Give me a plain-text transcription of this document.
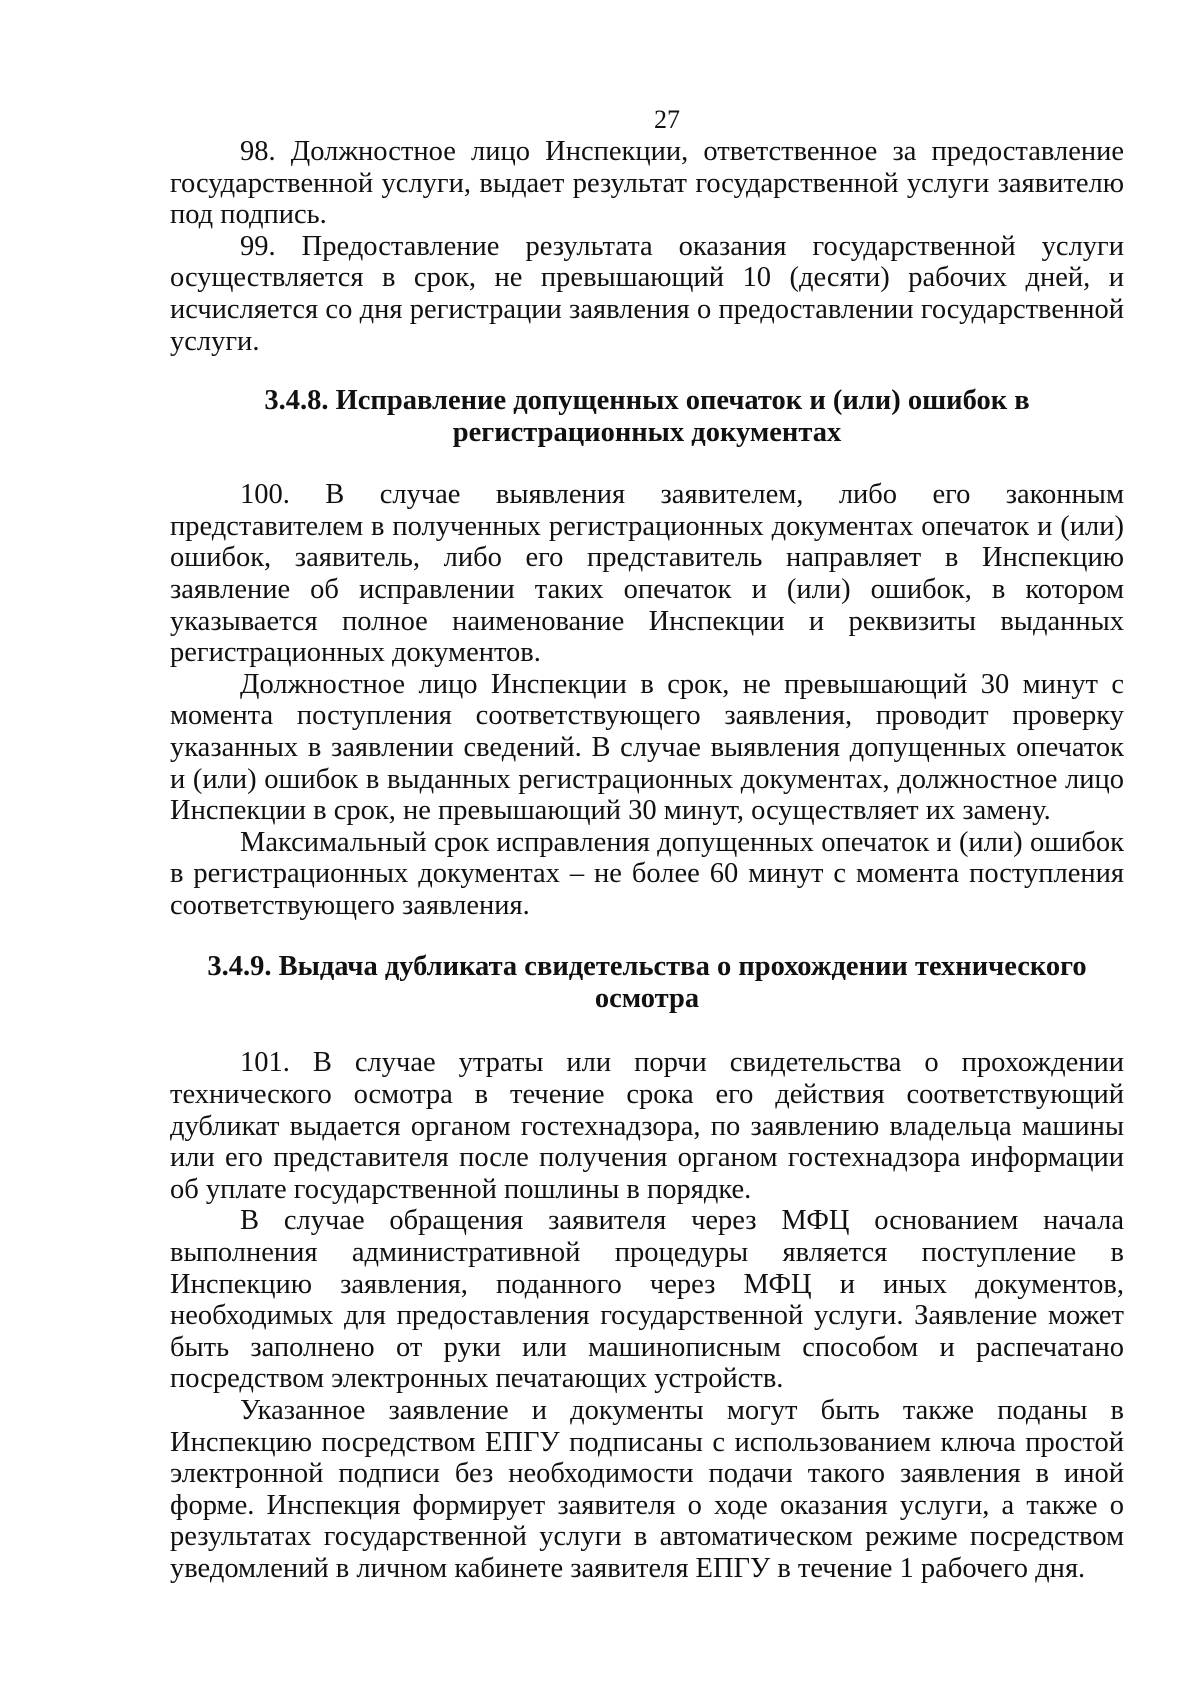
27

98. Должностное лицо Инспекции, ответственное за предоставление государственной услуги, выдает результат государственной услуги заявителю под подпись.

99. Предоставление результата оказания государственной услуги осуществляется в срок, не превышающий 10 (десяти) рабочих дней, и исчисляется со дня регистрации заявления о предоставлении государственной услуги.

3.4.8. Исправление допущенных опечаток и (или) ошибок в
регистрационных документах

100. В случае выявления заявителем, либо его законным представителем в полученных регистрационных документах опечаток и (или) ошибок, заявитель, либо его представитель направляет в Инспекцию заявление об исправлении таких опечаток и (или) ошибок, в котором указывается полное наименование Инспекции и реквизиты выданных регистрационных документов.

Должностное лицо Инспекции в срок, не превышающий 30 минут с момента поступления соответствующего заявления, проводит проверку указанных в заявлении сведений. В случае выявления допущенных опечаток и (или) ошибок в выданных регистрационных документах, должностное лицо Инспекции в срок, не превышающий 30 минут, осуществляет их замену.

Максимальный срок исправления допущенных опечаток и (или) ошибок в регистрационных документах – не более 60 минут с момента поступления соответствующего заявления.

3.4.9. Выдача дубликата свидетельства о прохождении технического
осмотра

101. В случае утраты или порчи свидетельства о прохождении технического осмотра в течение срока его действия соответствующий дубликат выдается органом гостехнадзора, по заявлению владельца машины или его представителя после получения органом гостехнадзора информации об уплате государственной пошлины в порядке.

В случае обращения заявителя через МФЦ основанием начала выполнения административной процедуры является поступление в Инспекцию заявления, поданного через МФЦ и иных документов, необходимых для предоставления государственной услуги. Заявление может быть заполнено от руки или машинописным способом и распечатано посредством электронных печатающих устройств.

Указанное заявление и документы могут быть также поданы в Инспекцию посредством ЕПГУ подписаны с использованием ключа простой электронной подписи без необходимости подачи такого заявления в иной форме. Инспекция формирует заявителя о ходе оказания услуги, а также о результатах государственной услуги в автоматическом режиме посредством уведомлений в личном кабинете заявителя ЕПГУ в течение 1 рабочего дня.
